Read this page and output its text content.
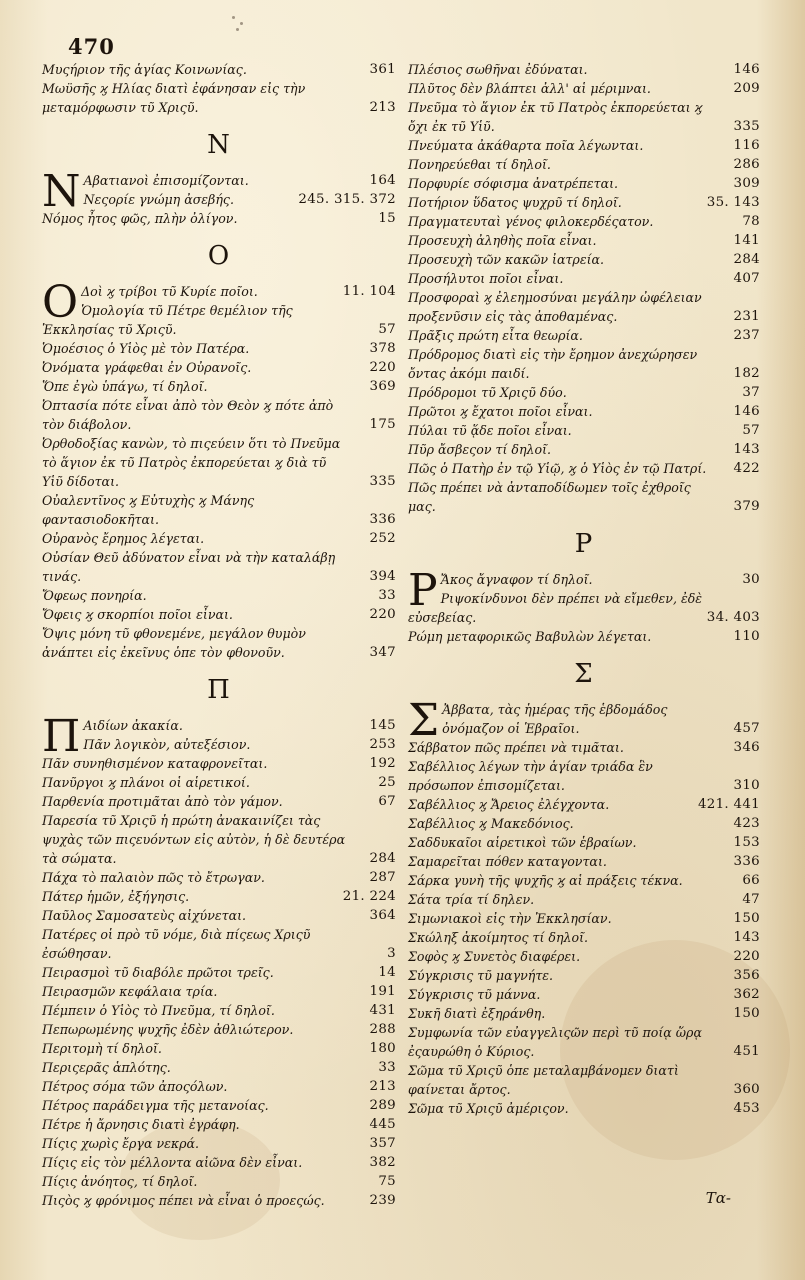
470
Μυςήριον τῆς ἁγίας Κοινωνίας.	361
Μωϋσῆς ϗ Ηλίας διατὶ ἐφάνησαν εἰς τὴν μεταμόρφωσιν τῦ Χριςῦ.	213
N
N Αβατιανοὶ ἐπισομίζονται.	164
Νεςορίε γνώμη ἀσεβής.	245. 315. 372
Νόμος ἦτος φῶς, πλὴν ὀλίγον.	15
O
O Δοὶ ϗ τρίβοι τῦ Κυρίε ποῖοι.	11. 104
Ὁμολογία τῦ Πέτρε θεμέλιον τῆς Ἐκκλησίας τῦ Χριςῦ.	57
Ὁμοέσιος ὁ Υἱὸς μὲ τὸν Πατέρα.	378
Ὀνόματα γράφεθαι ἐν Οὐρανοῖς.	220
Ὅπε ἐγὼ ὑπάγω, τί δηλοῖ.	369
Ὀπτασία πότε εἶναι ἀπὸ τὸν Θεὸν ϗ πότε ἀπὸ τὸν διάβολον.	175
Ὀρθοδοξίας κανὼν, τὸ πιςεύειν ὅτι τὸ Πνεῦμα τὸ ἅγιον ἐκ τῦ Πατρὸς ἐκπορεύεται ϗ διὰ τῦ Υἱῦ δίδοται.	335
Οὐαλεντῖνος ϗ Εὐτυχὴς ϗ Μάνης φαντασιοδοκῆται.	336
Οὐρανὸς ἔρημος λέγεται.	252
Οὐσίαν Θεῦ ἀδύνατον εἶναι νὰ τὴν καταλάβῃ τινάς.	394
Ὄφεως πονηρία.	33
Ὄφεις ϗ σκορπίοι ποῖοι εἶναι.	220
Ὄψις μόνη τῦ φθονεμένε, μεγάλον θυμὸν ἀνάπτει εἰς ἐκεῖνυς ὁπε τὸν φθονοῦν.	347
Π
Π Αιδίων ἀκακία.	145
Πᾶν λογικὸν, αὐτεξέσιον.	253
Πᾶν συνηθισμένον καταφρονεῖται.	192
Πανῦργοι ϗ πλάνοι οἱ αἱρετικοί.	25
Παρθενία προτιμᾶται ἀπὸ τὸν γάμον.	67
Παρεσία τῦ Χριςῦ ἡ πρώτη ἀνακαινίζει τὰς ψυχὰς τῶν πιςευόντων εἰς αὐτὸν, ἡ δὲ δευτέρα τὰ σώματα.	284
Πάχα τὸ παλαιὸν πῶς τὸ ἔτρωγαν.	287
Πάτερ ἡμῶν, ἐξήγησις.	21. 224
Παῦλος Σαμοσατεὺς αἰχύνεται.	364
Πατέρες οἱ πρὸ τῦ νόμε, διὰ πίςεως Χριςῦ ἐσώθησαν.	3
Πειρασμοὶ τῦ διαβόλε πρῶτοι τρεῖς.	14
Πειρασμῶν κεφάλαια τρία.	191
Πέμπειν ὁ Υἱὸς τὸ Πνεῦμα, τί δηλοῖ.	431
Πεπωρωμένης ψυχῆς ἐδὲν ἀθλιώτερον.	288
Περιτομὴ τί δηλοῖ.	180
Περιςερᾶς ἁπλότης.	33
Πέτρος σόμα τῶν ἀποςόλων.	213
Πέτρος παράδειγμα τῆς μετανοίας.	289
Πέτρε ἡ ἄρνησις διατὶ ἐγράφη.	445
Πίςις χωρὶς ἔργα νεκρά.	357
Πίςις εἰς τὸν μέλλοντα αἰῶνα δὲν εἶναι.	382
Πίςις ἀνόητος, τί δηλοῖ.	75
Πιςὸς ϗ φρόνιμος πέπει νὰ εἶναι ὁ προεςώς.	239
Πλέσιος σωθῆναι ἐδύναται.	146
Πλῦτος δὲν βλάπτει ἀλλ' αἱ μέριμναι.	209
Πνεῦμα τὸ ἅγιον ἐκ τῦ Πατρὸς ἐκπορεύεται ϗ ὄχι ἐκ τῦ Υἱῦ.	335
Πνεύματα ἀκάθαρτα ποῖα λέγωνται.	116
Πονηρεύεθαι τί δηλοῖ.	286
Πορφυρίε σόφισμα ἀνατρέπεται.	309
Ποτήριον ὕδατος ψυχρῦ τί δηλοῖ.	35. 143
Πραγματευταὶ γένος φιλοκερδέςατον.	78
Προσευχὴ ἀληθὴς ποῖα εἶναι.	141
Προσευχὴ τῶν κακῶν ἰατρεία.	284
Προσήλυτοι ποῖοι εἶναι.	407
Προσφοραὶ ϗ ἐλεημοσύναι μεγάλην ὠφέλειαν προξενῦσιν εἰς τὰς ἀποθαμένας.	231
Πρᾶξις πρώτη εἶτα θεωρία.	237
Πρόδρομος διατὶ εἰς τὴν ἔρημον ἀνεχώρησεν ὄντας ἀκόμι παιδί.	182
Πρόδρομοι τῦ Χριςῦ δύο.	37
Πρῶτοι ϗ ἔχατοι ποῖοι εἶναι.	146
Πύλαι τῦ ᾅδε ποῖοι εἶναι.	57
Πῦρ ἄσβεςον τί δηλοῖ.	143
Πῶς ὁ Πατὴρ ἐν τῷ Υἱῷ, ϗ ὁ Υἱὸς ἐν τῷ Πατρί.	422
Πῶς πρέπει νὰ ἀνταποδίδωμεν τοῖς ἐχθροῖς μας.	379
P
P Ἄκος ἄγναφον τί δηλοῖ.	30
Ριψοκίνδυνοι δὲν πρέπει νὰ εἴμεθεν, ἐδὲ εὐσεβείας.	34. 403
Ρώμη μεταφορικῶς Βαβυλὼν λέγεται.	110
Σ
Σ Ἀββατα, τὰς ἡμέρας τῆς ἑβδομάδος ὀνόμαζον οἱ Ἑβραῖοι.	457
Σάββατον πῶς πρέπει νὰ τιμᾶται.	346
Σαβέλλιος λέγων τὴν ἁγίαν τριάδα ἓν πρόσωπον ἐπισομίζεται.	310
Σαβέλλιος ϗ Ἄρειος ἐλέγχοντα.	421. 441
Σαβέλλιος ϗ Μακεδόνιος.	423
Σαδδυκαῖοι αἱρετικοὶ τῶν ἑβραίων.	153
Σαμαρεῖται πόθεν καταγονται.	336
Σάρκα γυνὴ τῆς ψυχῆς ϗ αἱ πράξεις τέκνα.	66
Σάτα τρία τί δηλεν.	47
Σιμωνιακοὶ εἰς τὴν Ἐκκλησίαν.	150
Σκώληξ ἀκοίμητος τί δηλοῖ.	143
Σοφὸς ϗ Συνετὸς διαφέρει.	220
Σύγκρισις τῦ μαγνήτε.	356
Σύγκρισις τῦ μάννα.	362
Συκῆ διατὶ ἐξηράνθη.	150
Συμφωνία τῶν εὐαγγελιςῶν περὶ τῦ ποίᾳ ὥρᾳ ἐςαυρώθη ὁ Κύριος.	451
Σῶμα τῦ Χριςῦ ὁπε μεταλαμβάνομεν διατὶ φαίνεται ἄρτος.	360
Σῶμα τῦ Χριςῦ ἀμέριςον.	453
Τα-
